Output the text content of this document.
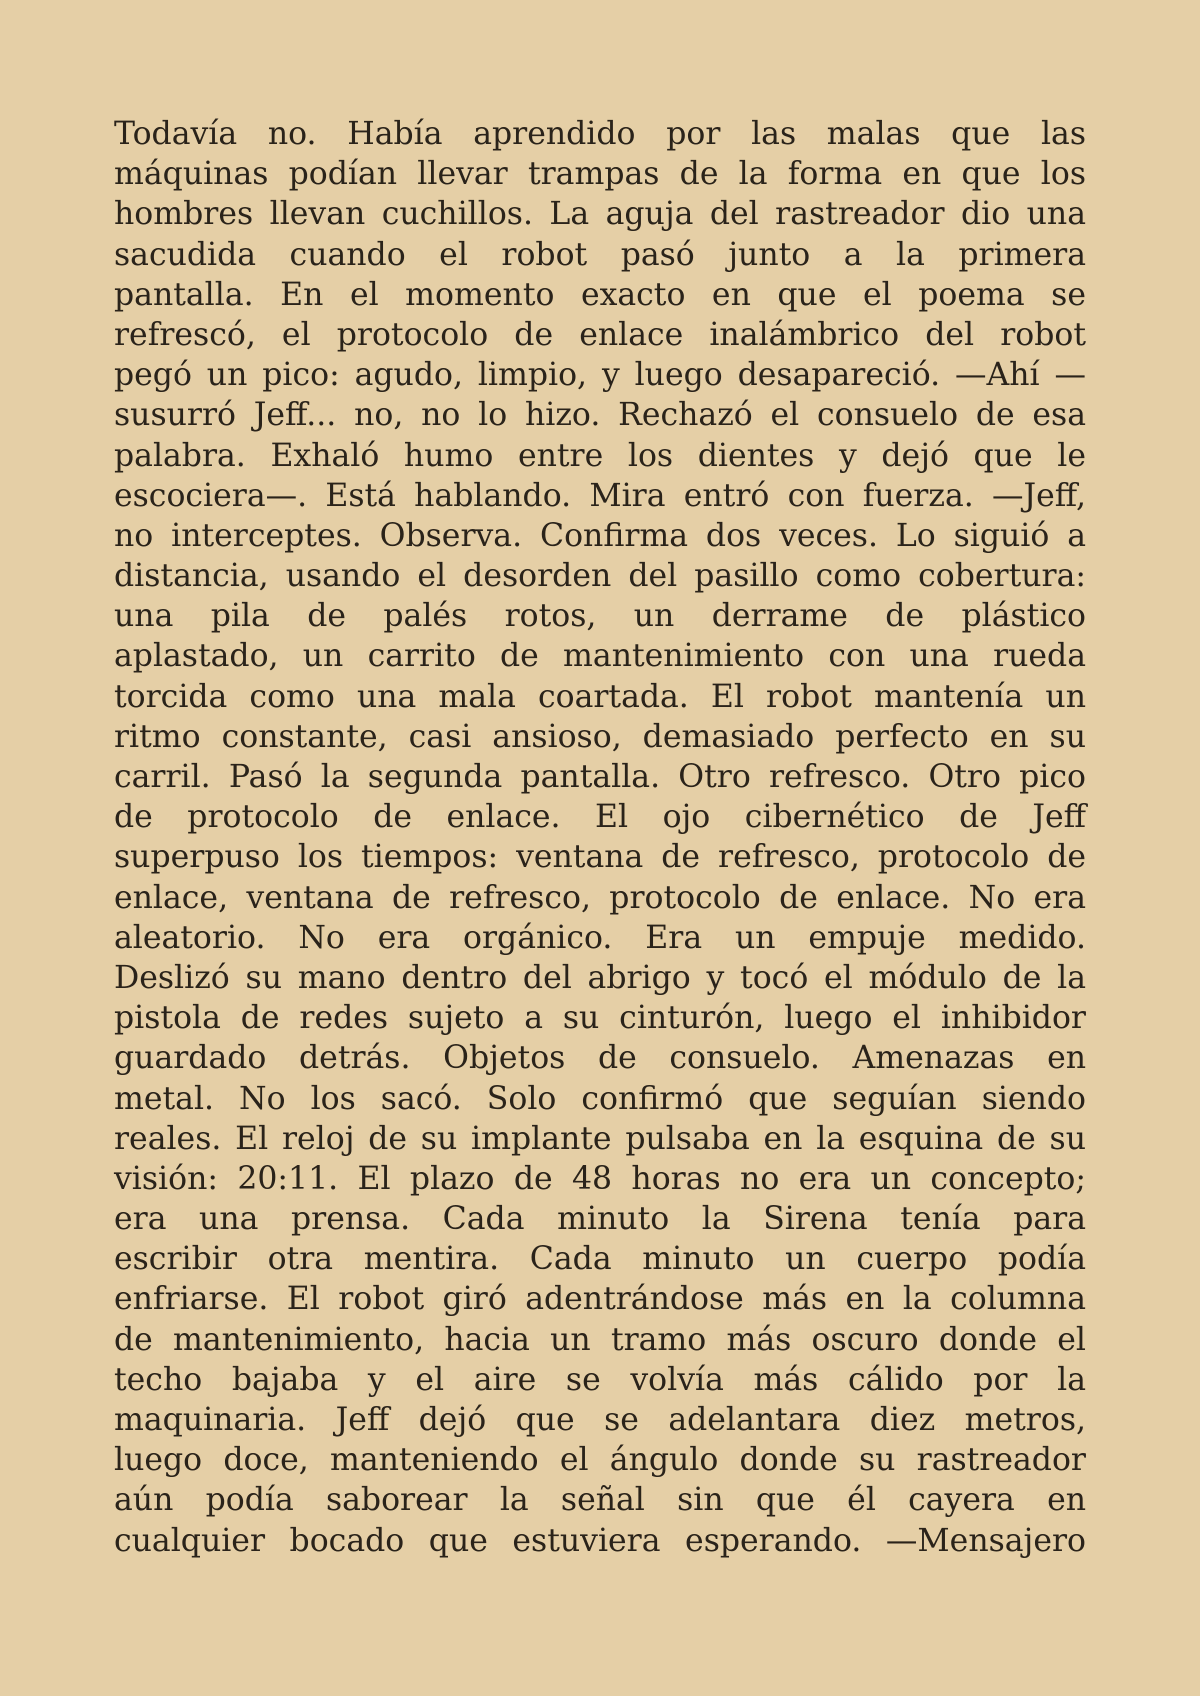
Todavía no. Había aprendido por las malas que las
máquinas podían llevar trampas de la forma en que los
hombres llevan cuchillos. La aguja del rastreador dio una
sacudida cuando el robot pasó junto a la primera
pantalla. En el momento exacto en que el poema se
refrescó, el protocolo de enlace inalámbrico del robot
pegó un pico: agudo, limpio, y luego desapareció. —Ahí —
susurró Jeff... no, no lo hizo. Rechazó el consuelo de esa
palabra. Exhaló humo entre los dientes y dejó que le
escociera—. Está hablando. Mira entró con fuerza. —Jeff,
no interceptes. Observa. Confirma dos veces. Lo siguió a
distancia, usando el desorden del pasillo como cobertura:
una pila de palés rotos, un derrame de plástico
aplastado, un carrito de mantenimiento con una rueda
torcida como una mala coartada. El robot mantenía un
ritmo constante, casi ansioso, demasiado perfecto en su
carril. Pasó la segunda pantalla. Otro refresco. Otro pico
de protocolo de enlace. El ojo cibernético de Jeff
superpuso los tiempos: ventana de refresco, protocolo de
enlace, ventana de refresco, protocolo de enlace. No era
aleatorio. No era orgánico. Era un empuje medido.
Deslizó su mano dentro del abrigo y tocó el módulo de la
pistola de redes sujeto a su cinturón, luego el inhibidor
guardado detrás. Objetos de consuelo. Amenazas en
metal. No los sacó. Solo confirmó que seguían siendo
reales. El reloj de su implante pulsaba en la esquina de su
visión: 20:11. El plazo de 48 horas no era un concepto;
era una prensa. Cada minuto la Sirena tenía para
escribir otra mentira. Cada minuto un cuerpo podía
enfriarse. El robot giró adentrándose más en la columna
de mantenimiento, hacia un tramo más oscuro donde el
techo bajaba y el aire se volvía más cálido por la
maquinaria. Jeff dejó que se adelantara diez metros,
luego doce, manteniendo el ángulo donde su rastreador
aún podía saborear la señal sin que él cayera en
cualquier bocado que estuviera esperando. —Mensajero
